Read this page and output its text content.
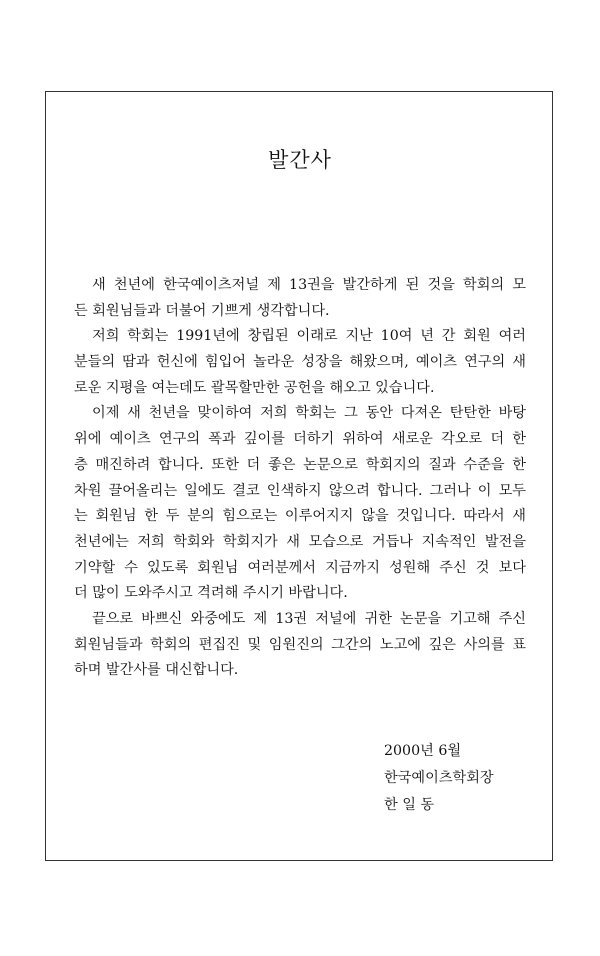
발간사
새 천년에 한국예이츠저널 제 13권을 발간하게 된 것을 학회의 모
든 회원님들과 더불어 기쁘게 생각합니다.
저희 학회는 1991년에 창립된 이래로 지난 10여 년 간 회원 여러
분들의 땀과 헌신에 힘입어 놀라운 성장을 해왔으며, 예이츠 연구의 새
로운 지평을 여는데도 괄목할만한 공헌을 해오고 있습니다.
이제 새 천년을 맞이하여 저희 학회는 그 동안 다져온 탄탄한 바탕
위에 예이츠 연구의 폭과 깊이를 더하기 위하여 새로운 각오로 더 한
층 매진하려 합니다. 또한 더 좋은 논문으로 학회지의 질과 수준을 한
차원 끌어올리는 일에도 결코 인색하지 않으려 합니다. 그러나 이 모두
는 회원님 한 두 분의 힘으로는 이루어지지 않을 것입니다. 따라서 새
천년에는 저희 학회와 학회지가 새 모습으로 거듭나 지속적인 발전을
기약할 수 있도록 회원님 여러분께서 지금까지 성원해 주신 것 보다
더 많이 도와주시고 격려해 주시기 바랍니다.
끝으로 바쁘신 와중에도 제 13권 저널에 귀한 논문을 기고해 주신
회원님들과 학회의 편집진 및 임원진의 그간의 노고에 깊은 사의를 표
하며 발간사를 대신합니다.
2000년 6월
한국예이츠학회장
한 일 동
